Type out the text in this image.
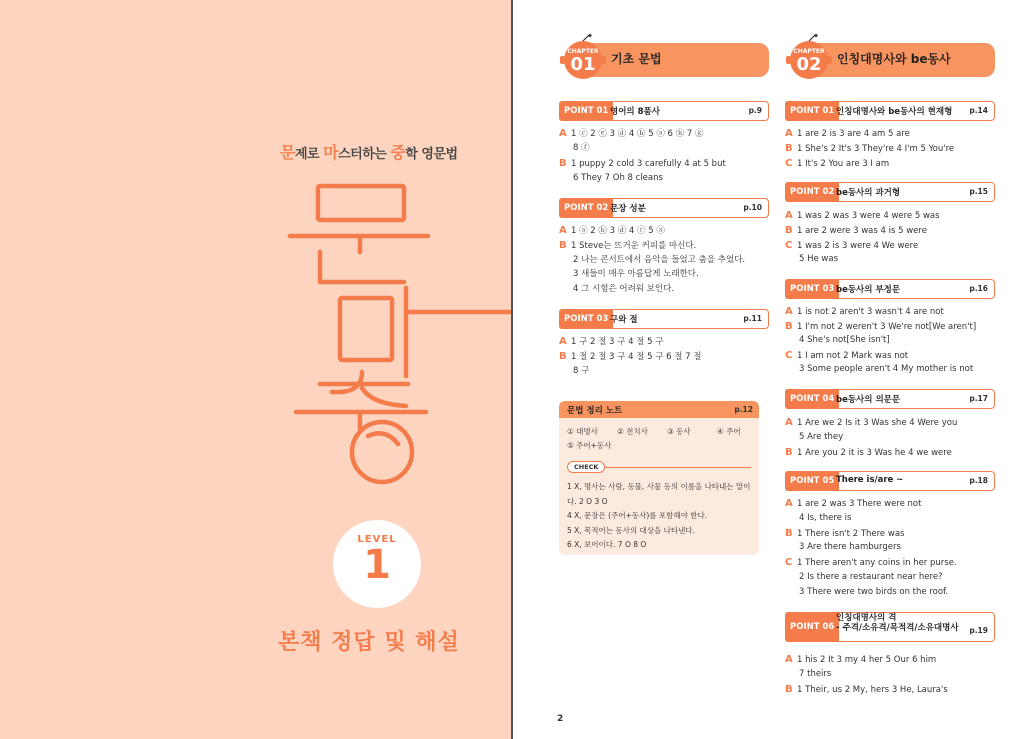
문제로 마스터하는 중학 영문법
LEVEL
1
본책 정답 및 해설
CHAPTER
01	기초 문법
POINT 01 영어의 8품사	p.9
A 1 ⓒ 2 ⓔ 3 ⓓ 4 ⓑ 5 ⓐ 6 ⓗ 7 ⓖ
8 ⓕ
B 1 puppy 2 cold 3 carefully 4 at 5 but
6 They 7 Oh 8 cleans
POINT 02 문장 성분	p.10
A 1 ⓐ 2 ⓑ 3 ⓓ 4 ⓒ 5 ⓐ
B 1 Steve는 뜨거운 커피를 마신다.
2 나는 콘서트에서 음악을 들었고 춤을 추었다.
3 새들이 매우 아름답게 노래한다.
4 그 시험은 어려워 보인다.
POINT 03 구와 절	p.11
A 1 구 2 절 3 구 4 절 5 구
B 1 절 2 절 3 구 4 절 5 구 6 절 7 절
8 구
문법 정리 노트	p.12
① 대명사	② 전치사	③ 동사	④ 주어
⑤ 주어+동사
CHECK
1 X, 명사는 사람, 동물, 사물 등의 이름을 나타내는 말이
다. 2 O 3 O
4 X, 문장은 (주어+동사)를 포함해야 한다.
5 X, 목적어는 동사의 대상을 나타낸다.
6 X, 보어이다. 7 O 8 O
CHAPTER
02	인칭대명사와 be동사
POINT 01 인칭대명사와 be동사의 현재형 p.14
A 1 are 2 is 3 are 4 am 5 are
B 1 She's 2 It's 3 They're 4 I'm 5 You're
C 1 It's 2 You are 3 I am
POINT 02 be동사의 과거형	p.15
A 1 was 2 was 3 were 4 were 5 was
B 1 are 2 were 3 was 4 is 5 were
C 1 was 2 is 3 were 4 We were
5 He was
POINT 03 be동사의 부정문	p.16
A 1 is not 2 aren't 3 wasn't 4 are not
B 1 I'm not 2 weren't 3 We're not[We aren't]
4 She's not[She isn't]
C 1 I am not 2 Mark was not
3 Some people aren't 4 My mother is not
POINT 04 be동사의 의문문	p.17
A 1 Are we 2 Is it 3 Was she 4 Were you
5 Are they
B 1 Are you 2 it is 3 Was he 4 we were
POINT 05 There is/are ~	p.18
A 1 are 2 was 3 There were not
4 Is, there is
B 1 There isn't 2 There was
3 Are there hamburgers
C 1 There aren't any coins in her purse.
2 Is there a restaurant near here?
3 There were two birds on the roof.
POINT 06
인칭대명사의 격
- 주격/소유격/목적격/소유대명사 p.19
A 1 his 2 It 3 my 4 her 5 Our 6 him
7 theirs
B 1 Their, us 2 My, hers 3 He, Laura's
2
